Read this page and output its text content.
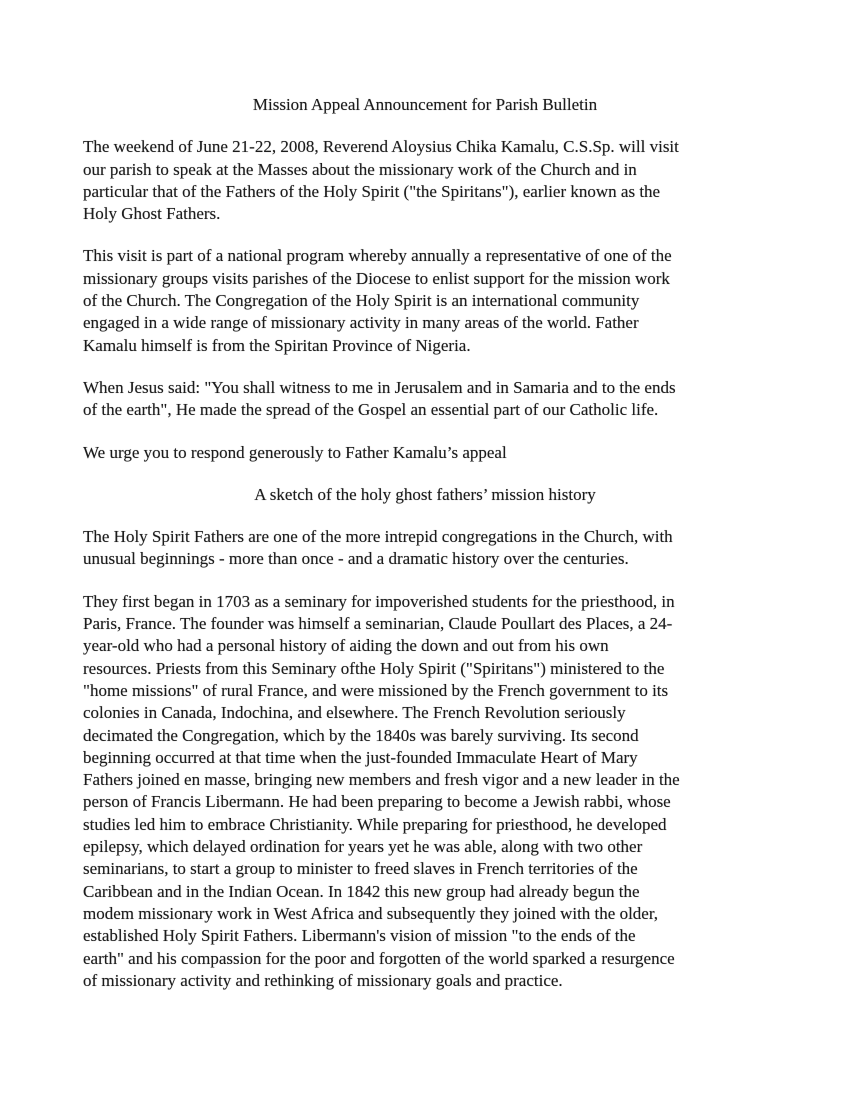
Mission Appeal Announcement for Parish Bulletin
The weekend of June 21-22, 2008, Reverend Aloysius Chika Kamalu, C.S.Sp. will visit
our parish to speak at the Masses about the missionary work of the Church and in
particular that of the Fathers of the Holy Spirit ("the Spiritans"), earlier known as the
Holy Ghost Fathers.
This visit is part of a national program whereby annually a representative of one of the
missionary groups visits parishes of the Diocese to enlist support for the mission work
of the Church. The Congregation of the Holy Spirit is an international community
engaged in a wide range of missionary activity in many areas of the world. Father
Kamalu himself is from the Spiritan Province of Nigeria.
When Jesus said: "You shall witness to me in Jerusalem and in Samaria and to the ends
of the earth", He made the spread of the Gospel an essential part of our Catholic life.
We urge you to respond generously to Father Kamalu’s appeal
A sketch of the holy ghost fathers’ mission history
The Holy Spirit Fathers are one of the more intrepid congregations in the Church, with
unusual beginnings - more than once - and a dramatic history over the centuries.
They first began in 1703 as a seminary for impoverished students for the priesthood, in
Paris, France. The founder was himself a seminarian, Claude Poullart des Places, a 24-
year-old who had a personal history of aiding the down and out from his own
resources. Priests from this Seminary ofthe Holy Spirit ("Spiritans") ministered to the
"home missions" of rural France, and were missioned by the French government to its
colonies in Canada, Indochina, and elsewhere. The French Revolution seriously
decimated the Congregation, which by the 1840s was barely surviving. Its second
beginning occurred at that time when the just-founded Immaculate Heart of Mary
Fathers joined en masse, bringing new members and fresh vigor and a new leader in the
person of Francis Libermann. He had been preparing to become a Jewish rabbi, whose
studies led him to embrace Christianity. While preparing for priesthood, he developed
epilepsy, which delayed ordination for years yet he was able, along with two other
seminarians, to start a group to minister to freed slaves in French territories of the
Caribbean and in the Indian Ocean. In 1842 this new group had already begun the
modem missionary work in West Africa and subsequently they joined with the older,
established Holy Spirit Fathers. Libermann's vision of mission "to the ends of the
earth" and his compassion for the poor and forgotten of the world sparked a resurgence
of missionary activity and rethinking of missionary goals and practice.
